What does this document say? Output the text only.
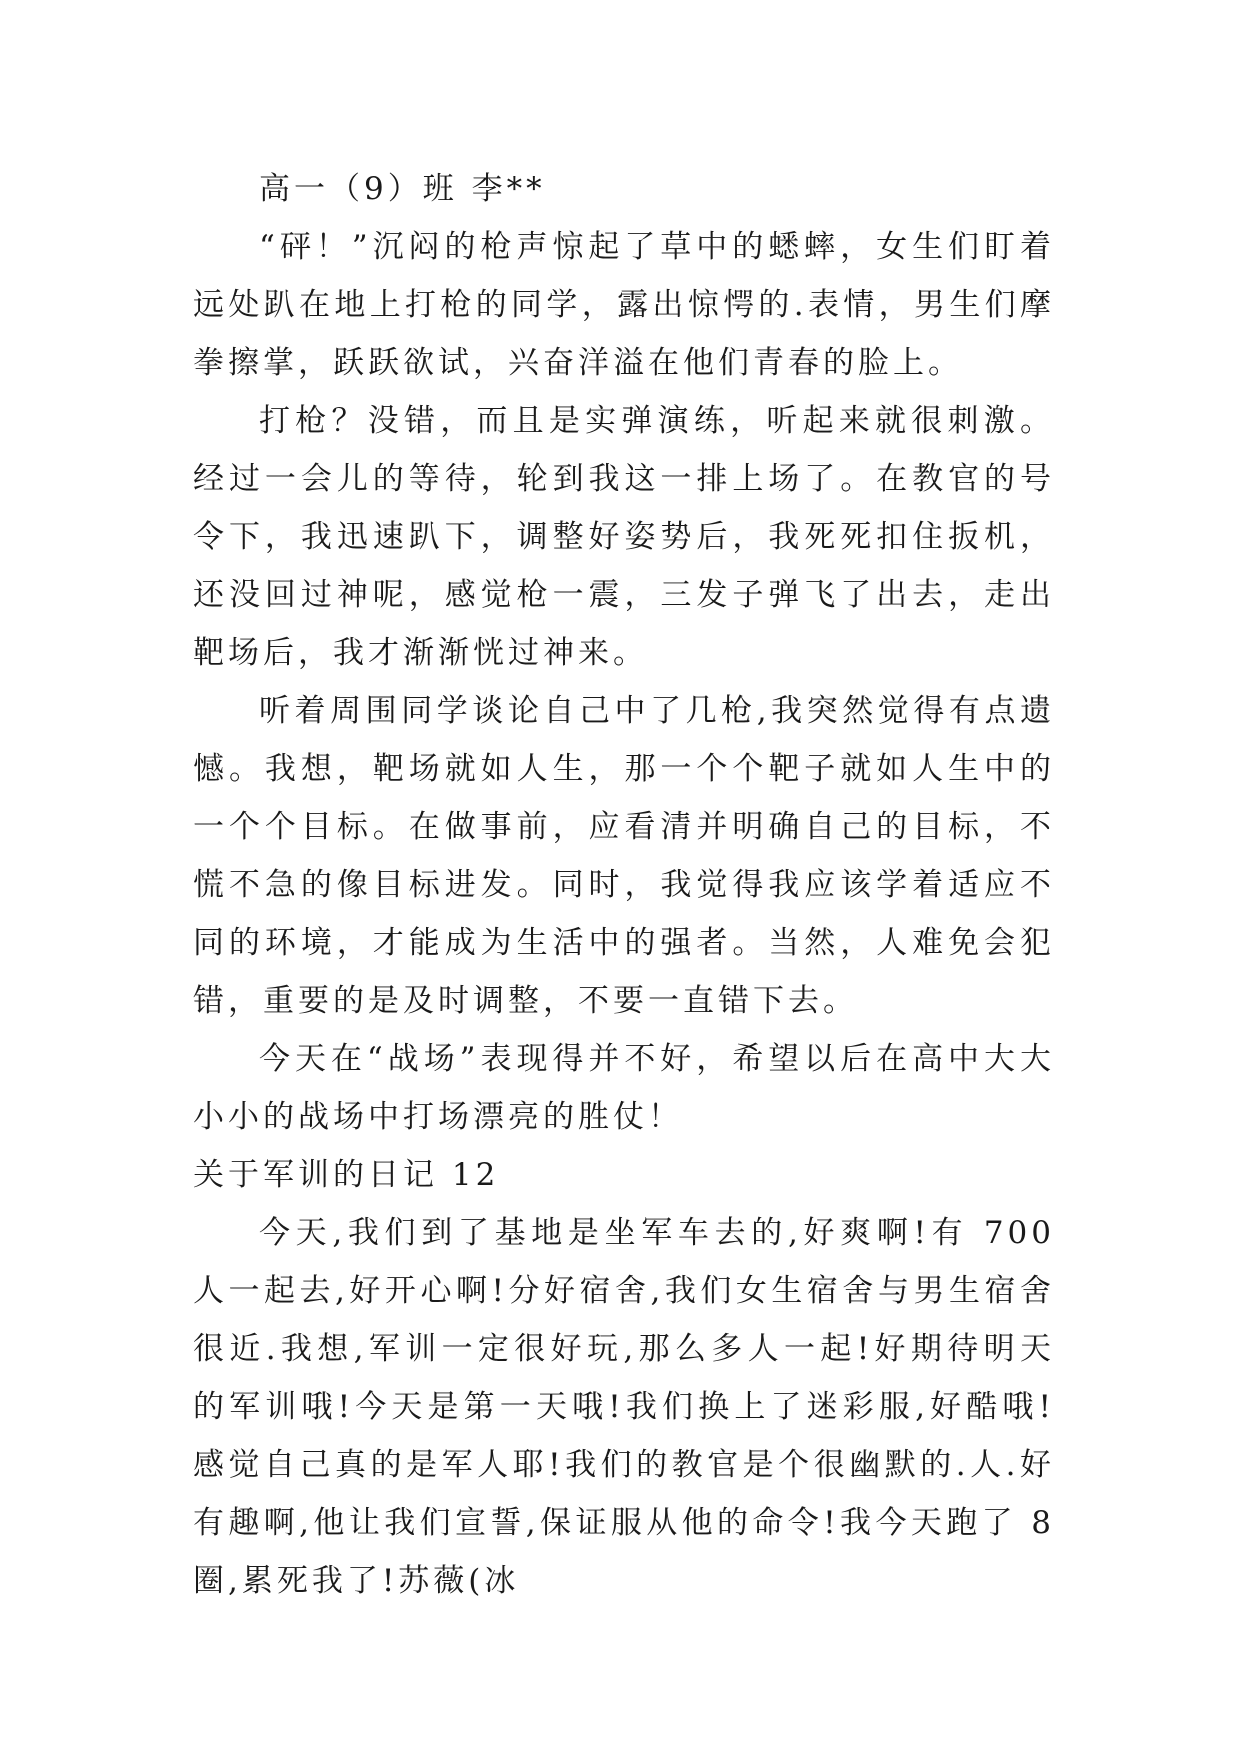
高一（9）班 李**

“砰！”沉闷的枪声惊起了草中的蟋蟀，女生们盯着远处趴在地上打枪的同学，露出惊愕的.表情，男生们摩拳擦掌，跃跃欲试，兴奋洋溢在他们青春的脸上。

打枪？没错，而且是实弹演练，听起来就很刺激。经过一会儿的等待，轮到我这一排上场了。在教官的号令下，我迅速趴下，调整好姿势后，我死死扣住扳机，还没回过神呢，感觉枪一震，三发子弹飞了出去，走出靶场后，我才渐渐恍过神来。

听着周围同学谈论自己中了几枪,我突然觉得有点遗憾。我想，靶场就如人生，那一个个靶子就如人生中的一个个目标。在做事前，应看清并明确自己的目标，不慌不急的像目标进发。同时，我觉得我应该学着适应不同的环境，才能成为生活中的强者。当然，人难免会犯错，重要的是及时调整，不要一直错下去。

今天在“战场”表现得并不好，希望以后在高中大大小小的战场中打场漂亮的胜仗！

关于军训的日记 12

今天,我们到了基地是坐军车去的,好爽啊!有 700 人一起去,好开心啊!分好宿舍,我们女生宿舍与男生宿舍很近.我想,军训一定很好玩,那么多人一起!好期待明天的军训哦!今天是第一天哦!我们换上了迷彩服,好酷哦!感觉自己真的是军人耶!我们的教官是个很幽默的.人.好有趣啊,他让我们宣誓,保证服从他的命令!我今天跑了 8 圈,累死我了!苏薇(冰
